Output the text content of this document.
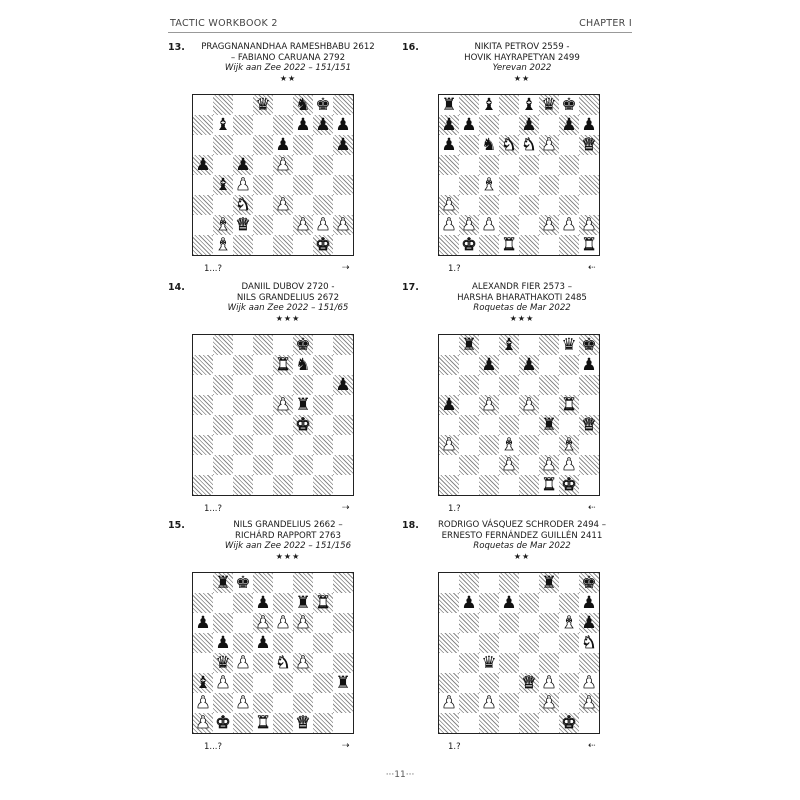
TACTIC WORKBOOK 2	CHAPTER I
13.	PRAGGNANANDHAA RAMESHBABU 2612
– FABIANO CARUANA 2792
Wijk aan Zee 2022 – 151/151
★★
♛ ♞ ♚
♝	♟ ♟ ♟
♟	♟
♟ ♟ ♟
♝ ♟
♞ ♟
♝ ♛	♟ ♟ ♟
♝	♚
1...?	⇢
16.	NIKITA PETROV 2559 -
HOVIK HAYRAPETYAN 2499
Yerevan 2022
★★
♜ ♝ ♝ ♛ ♚
♟ ♟	♟ ♟ ♟
♟ ♞ ♞ ♞ ♟ ♛
♝
♟
♟ ♟ ♟	♟ ♟ ♟
♚ ♜	♜
1.?	⇠
14.	DANIIL DUBOV 2720 -
NILS GRANDELIUS 2672
Wijk aan Zee 2022 – 151/65
★★★
♚
♜ ♞
♟
♟ ♜
♚
1...?	⇢
17.	ALEXANDR FIER 2573 –
HARSHA BHARATHAKOTI 2485
Roquetas de Mar 2022
★★★
♜ ♝	♛ ♚
♟ ♟	♟
♟ ♟ ♟ ♜
♜ ♛
♟	♝	♝
♟ ♟ ♟
♜ ♚
1.?	⇠
15.	NILS GRANDELIUS 2662 –
RICHÁRD RAPPORT 2763
Wijk aan Zee 2022 – 151/156
★★★
♜ ♚
♟ ♜ ♜
♟	♟ ♟ ♟
♟ ♟
♛ ♟ ♞ ♟
♝ ♟	♜
♟ ♟
♟ ♚ ♜ ♛
1...?	⇢
18.	RODRIGO VÁSQUEZ SCHRODER 2494 –
ERNESTO FERNÁNDEZ GUILLÉN 2411
Roquetas de Mar 2022
★★
♜ ♚
♟ ♟	♟
♝ ♟
♞
♛
♛ ♟ ♟
♟ ♟	♟ ♟
♚
1.?	⇠
···11···
